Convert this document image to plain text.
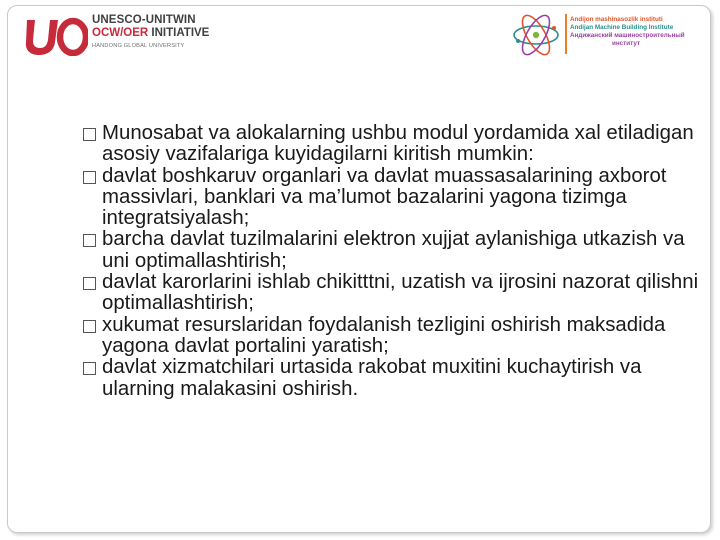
UNESCO-UNITWIN
OCW/OER INITIATIVE
HANDONG GLOBAL UNIVERSITY
Andijon mashinasozlik instituti
Andijan Machine Building Institute
Андижанский машиностроительный
институт

Munosabat va alokalarning ushbu modul yordamida xal etiladigan asosiy vazifalariga kuyidagilarni kiritish mumkin:

davlat boshkaruv organlari va davlat muassasalarining axborot massivlari, banklari va ma’lumot bazalarini yagona tizimga integratsiyalash;

barcha davlat tuzilmalarini elektron xujjat aylanishiga utkazish va uni optimallashtirish;

davlat karorlarini ishlab chikitttni, uzatish va ijrosini nazorat qilishni optimallashtirish;

xukumat resurslaridan foydalanish tezligini oshirish maksadida yagona davlat portalini yaratish;

davlat xizmatchilari urtasida rakobat muxitini kuchaytirish va ularning malakasini oshirish.
